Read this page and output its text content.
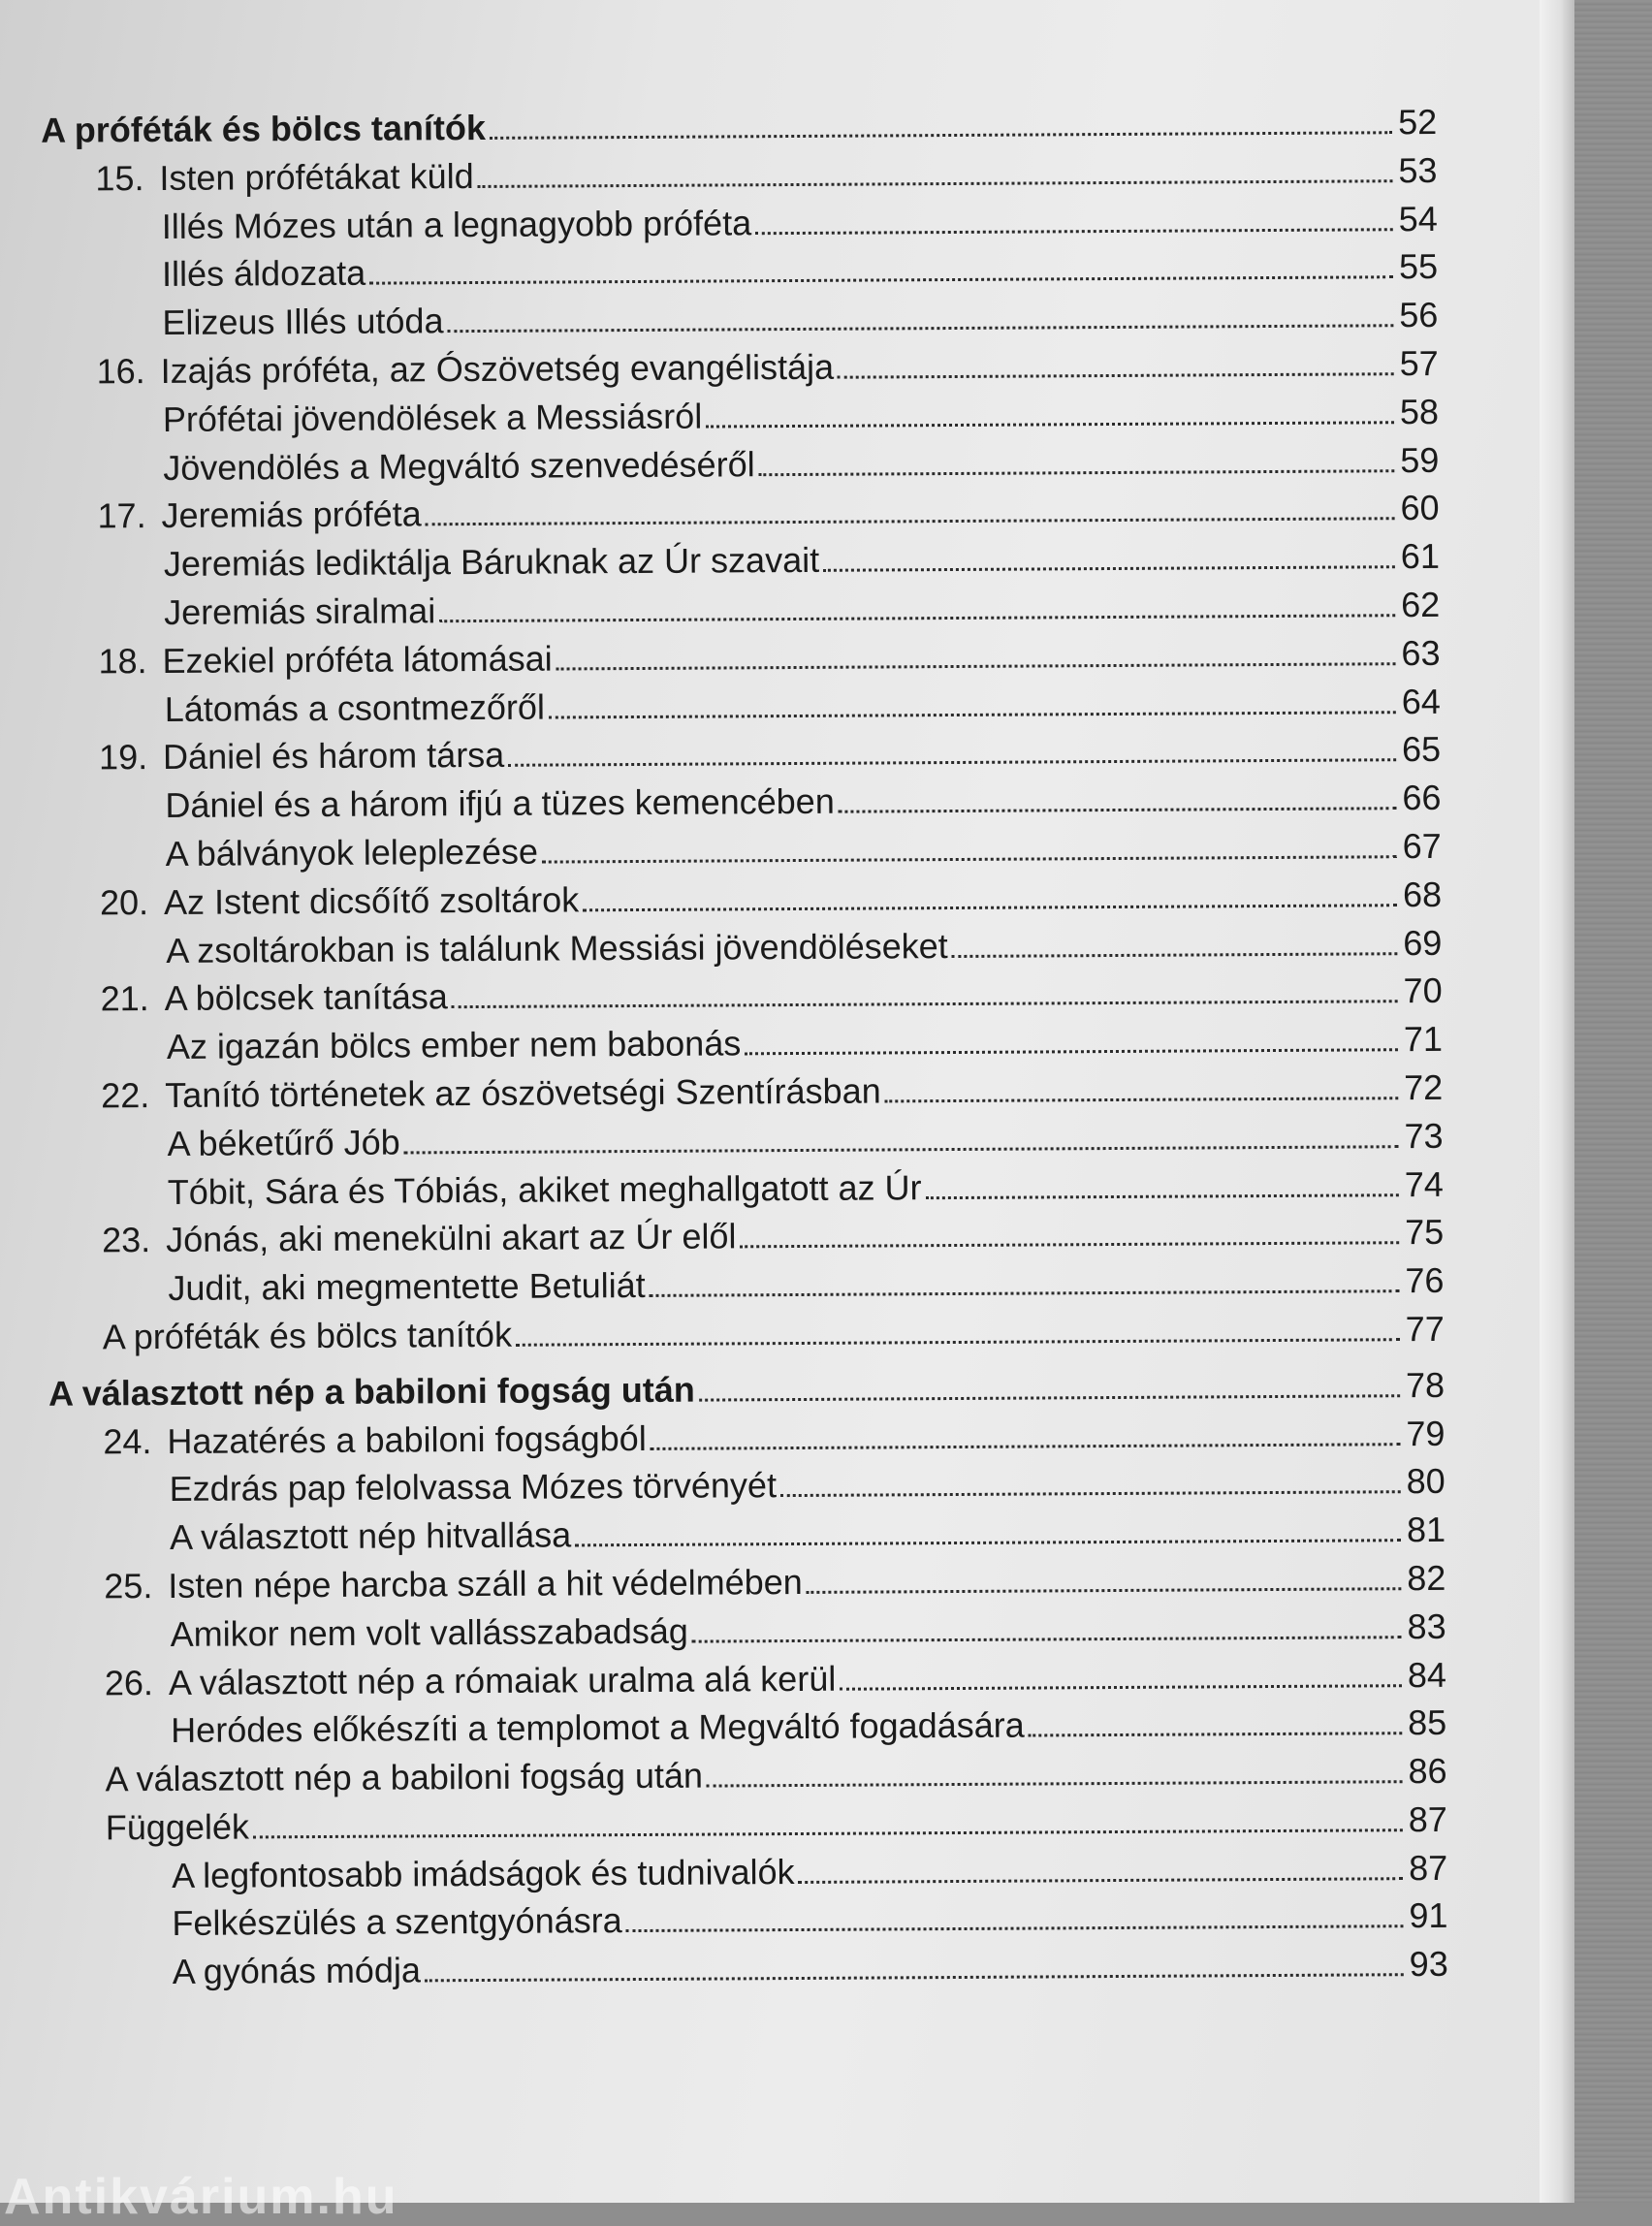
A próféták és bölcs tanítók	52
15. Isten prófétákat küld	53
Illés Mózes után a legnagyobb próféta	54
Illés áldozata	55
Elizeus Illés utóda	56
16. Izajás próféta, az Ószövetség evangélistája	57
Prófétai jövendölések a Messiásról	58
Jövendölés a Megváltó szenvedéséről	59
17. Jeremiás próféta	60
Jeremiás lediktálja Báruknak az Úr szavait	61
Jeremiás siralmai	62
18. Ezekiel próféta látomásai	63
Látomás a csontmezőről	64
19. Dániel és három társa	65
Dániel és a három ifjú a tüzes kemencében	66
A bálványok leleplezése	67
20. Az Istent dicsőítő zsoltárok	68
A zsoltárokban is találunk Messiási jövendöléseket	69
21. A bölcsek tanítása	70
Az igazán bölcs ember nem babonás	71
22. Tanító történetek az ószövetségi Szentírásban	72
A béketűrő Jób	73
Tóbit, Sára és Tóbiás, akiket meghallgatott az Úr	74
23. Jónás, aki menekülni akart az Úr elől	75
Judit, aki megmentette Betuliát	76
A próféták és bölcs tanítók	77
A választott nép a babiloni fogság után	78
24. Hazatérés a babiloni fogságból	79
Ezdrás pap felolvassa Mózes törvényét	80
A választott nép hitvallása	81
25. Isten népe harcba száll a hit védelmében	82
Amikor nem volt vallásszabadság	83
26. A választott nép a rómaiak uralma alá kerül	84
Heródes előkészíti a templomot a Megváltó fogadására	85
A választott nép a babiloni fogság után	86
Függelék	87
A legfontosabb imádságok és tudnivalók	87
Felkészülés a szentgyónásra	91
A gyónás módja	93
Antikvárium.hu
